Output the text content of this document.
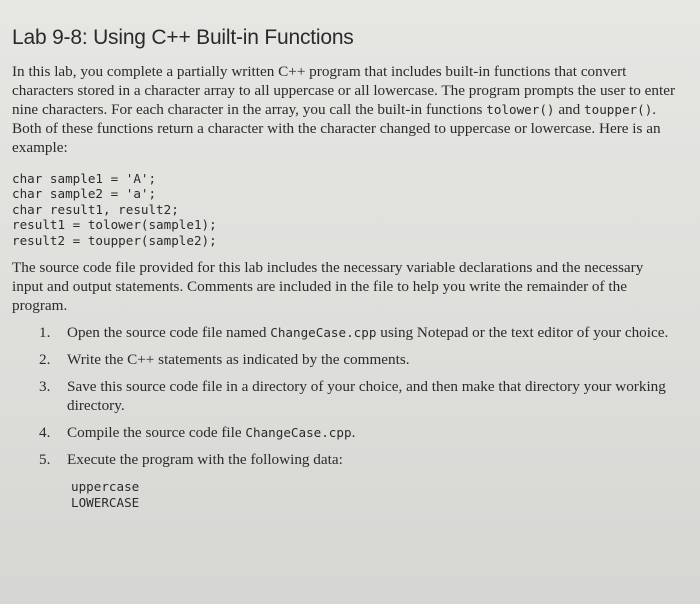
Lab 9-8: Using C++ Built-in Functions

In this lab, you complete a partially written C++ program that includes built-in functions that convert characters stored in a character array to all uppercase or all lowercase. The program prompts the user to enter nine characters. For each character in the array, you call the built-in functions tolower() and toupper(). Both of these functions return a character with the character changed to uppercase or lowercase. Here is an example:

char sample1 = 'A';
char sample2 = 'a';
char result1, result2;
result1 = tolower(sample1);
result2 = toupper(sample2);

The source code file provided for this lab includes the necessary variable declarations and the necessary input and output statements. Comments are included in the file to help you write the remainder of the program.

1. Open the source code file named ChangeCase.cpp using Notepad or the text editor of your choice.
2. Write the C++ statements as indicated by the comments.
3. Save this source code file in a directory of your choice, and then make that directory your working directory.
4. Compile the source code file ChangeCase.cpp.
5. Execute the program with the following data:
uppercase
LOWERCASE
